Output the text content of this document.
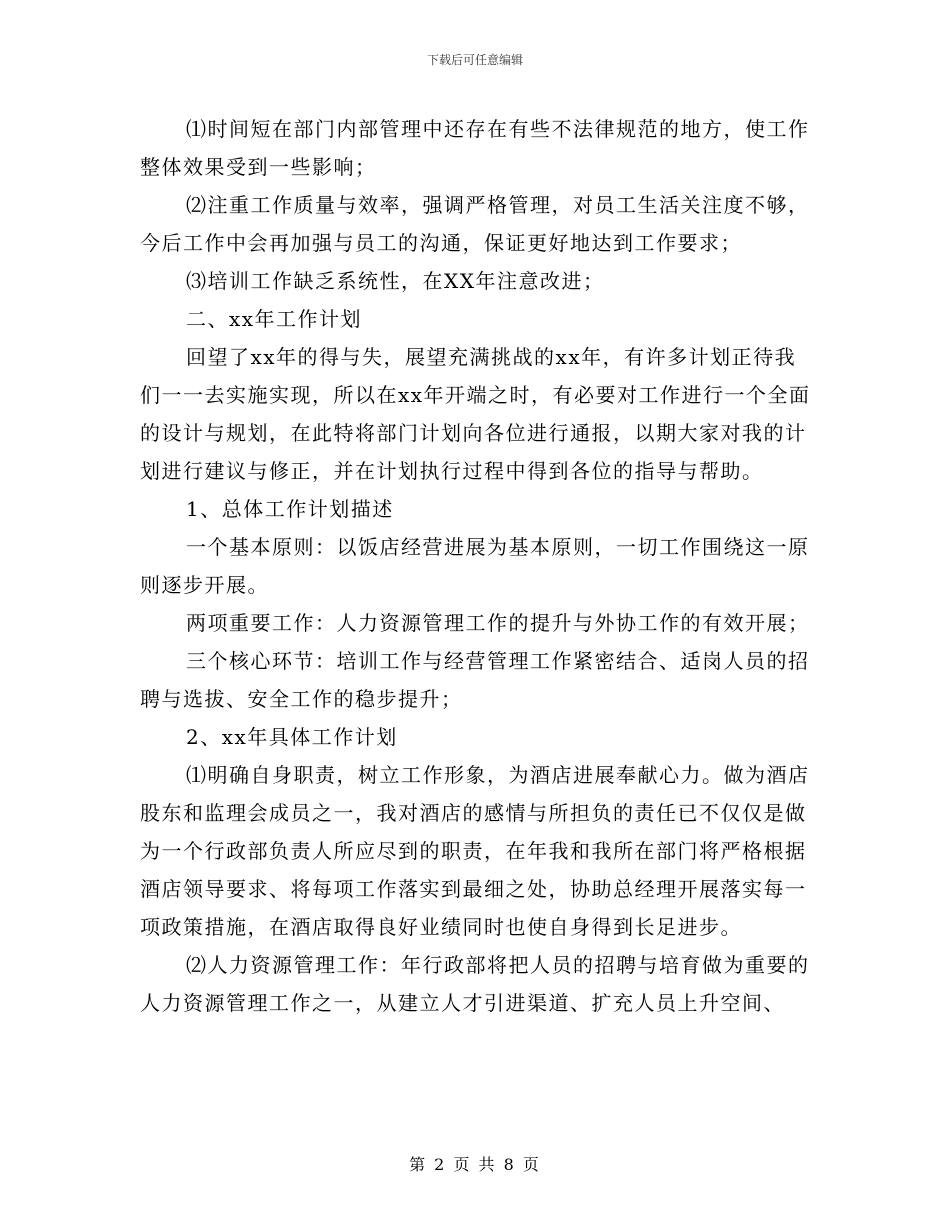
下载后可任意编辑

⑴时间短在部门内部管理中还存在有些不法律规范的地方，使工作整体效果受到一些影响；

⑵注重工作质量与效率，强调严格管理，对员工生活关注度不够，今后工作中会再加强与员工的沟通，保证更好地达到工作要求；

⑶培训工作缺乏系统性，在XX年注意改进；

二、xx年工作计划

回望了xx年的得与失，展望充满挑战的xx年，有许多计划正待我们一一去实施实现，所以在xx年开端之时，有必要对工作进行一个全面的设计与规划，在此特将部门计划向各位进行通报，以期大家对我的计划进行建议与修正，并在计划执行过程中得到各位的指导与帮助。

1、总体工作计划描述

一个基本原则：以饭店经营进展为基本原则，一切工作围绕这一原则逐步开展。

两项重要工作：人力资源管理工作的提升与外协工作的有效开展；

三个核心环节：培训工作与经营管理工作紧密结合、适岗人员的招聘与选拔、安全工作的稳步提升；

2、xx年具体工作计划

⑴明确自身职责，树立工作形象，为酒店进展奉献心力。做为酒店股东和监理会成员之一，我对酒店的感情与所担负的责任已不仅仅是做为一个行政部负责人所应尽到的职责，在年我和我所在部门将严格根据酒店领导要求、将每项工作落实到最细之处，协助总经理开展落实每一项政策措施，在酒店取得良好业绩同时也使自身得到长足进步。

⑵人力资源管理工作：年行政部将把人员的招聘与培育做为重要的人力资源管理工作之一，从建立人才引进渠道、扩充人员上升空间、

第 2 页 共 8 页
